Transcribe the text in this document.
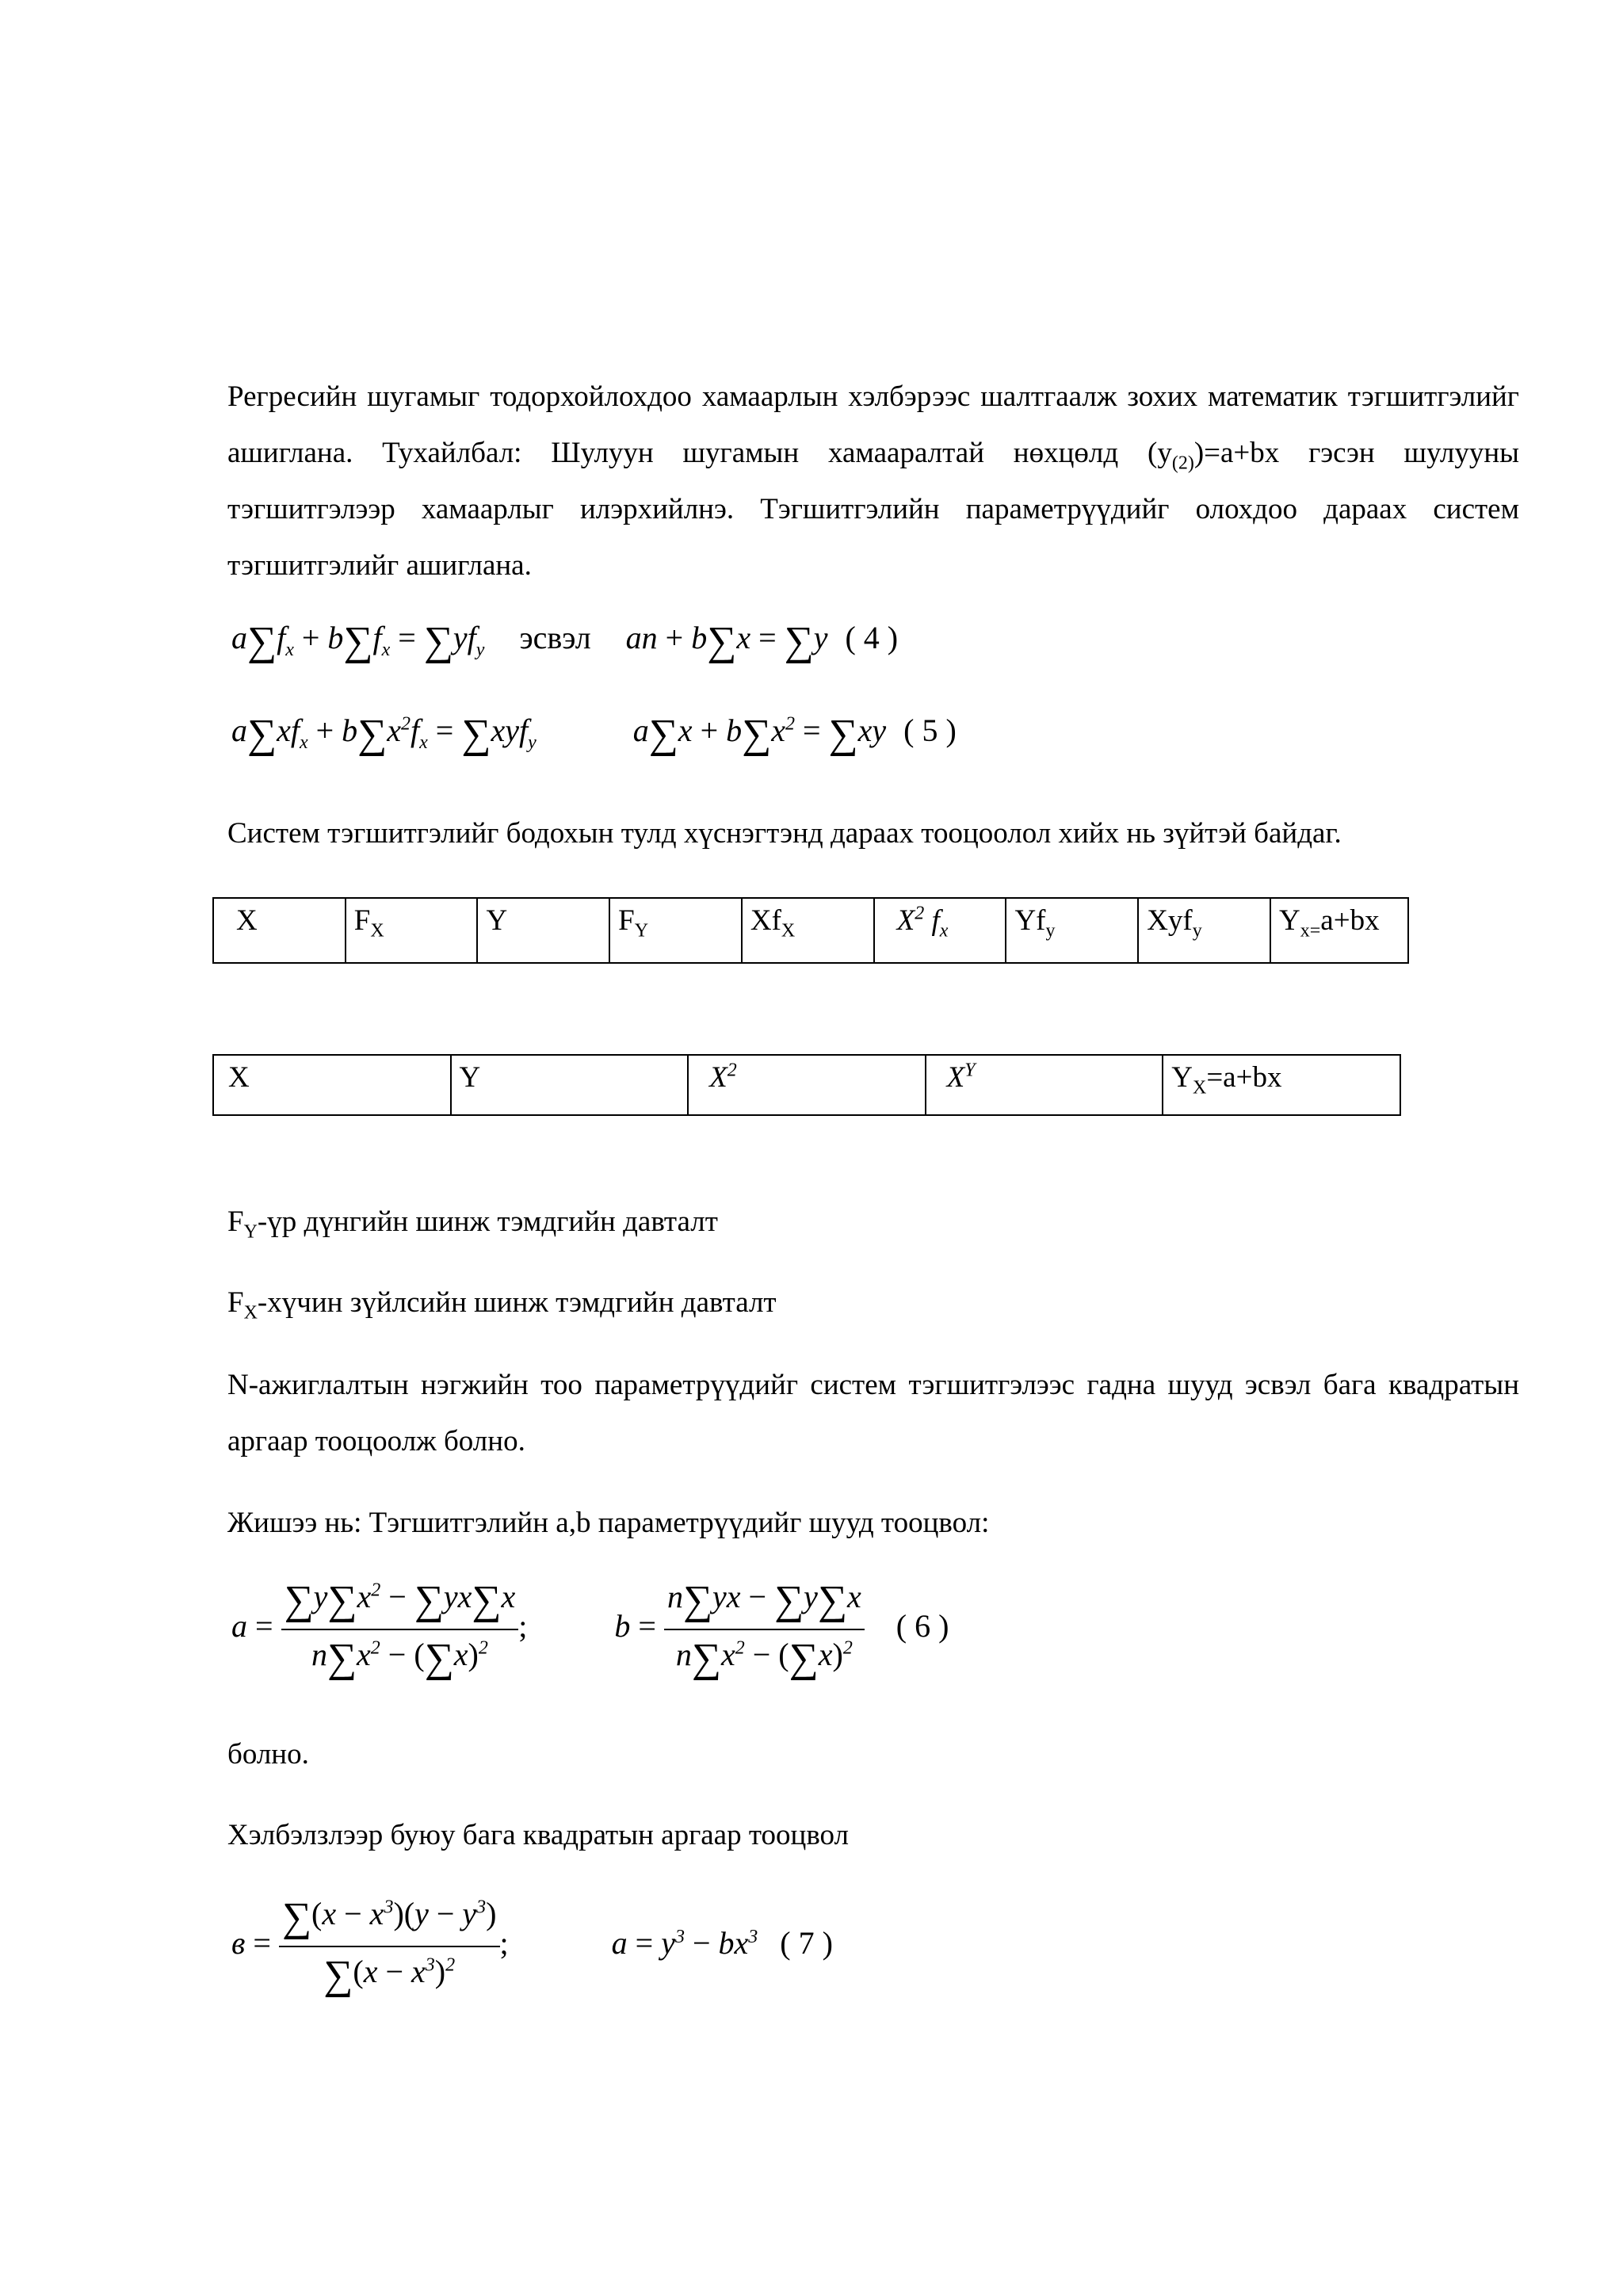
Регресийн шугамыг тодорхойлохдоо хамаарлын хэлбэрээс шалтгаалж зохих математик тэгшитгэлийг ашиглана. Тухайлбал: Шулуун шугамын хамааралтай нөхцөлд $(у_{(2)})=a+bx$ гэсэн шулууны тэгшитгэлээр хамаарлыг илэрхийлнэ. Тэгшитгэлийн параметрүүдийг олохдоо дараах систем тэгшитгэлийг ашиглана.
$a\sum f_x + b\sum f_x = \sum yf_y$ эсвэл an + b∑x = ∑y ( 4 )
$a\sum xf_x + b\sum x^2f_x = \sum xyf_y$	$a\sum x + b\sum x^2 = \sum xy$ ( 5 )
Систем тэгшитгэлийг бодохын тулд хүснэгтэнд дараах тооцоолол хийх нь зүйтэй байдаг.
X	$F_X$	Y	$F_Y$	$Xf_X$	$X^2$ $f_x$	$Yf_y$	Xyf$_y$	$Y_{x=}a+bx$
X	Y	$X^2$	$X^Y$	$Y_X=a+bx$
$F_Y-үр$ дүнгийн шинж тэмдгийн давталт
$F_X$-хүчин зүйлсийн шинж тэмдгийн давталт
N-ажиглалтын нэгжийн тоо параметрүүдийг систем тэгшитгэлээс гадна шууд эсвэл бага квадратын аргаар тооцоолж болно.
Жишээ нь: Тэгшитгэлийн a,b параметрүүдийг шууд тооцвол:
$a = \frac{\sum y\sum x^2 - \sum yx\sum x}{n\sum x^2 - (\sum x)^2}$ ;	$b = \frac{n\sum yx - \sum y\sum x}{n\sum x^2 - (\sum x)^2}$ ( 6 )
болно.
Хэлбэлзлээр буюу бага квадратын аргаар тооцвол
$в = \frac{\sum(x - x^3)(y - y^3)}{\sum(x - x^3)^2}$ ;	$a = y^3 - bx^3$ ( 7 )
